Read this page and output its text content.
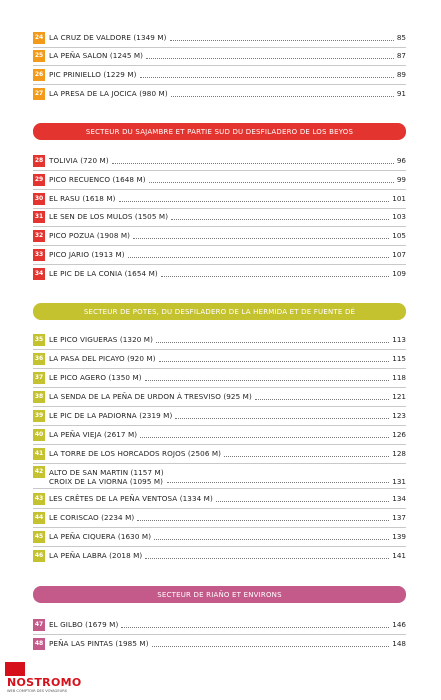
24 LA CRUZ DE VALDORE (1349 M)	85
25 LA PEÑA SALON (1245 M)	87
26 PIC PRINIELLO (1229 M)	89
27 LA PRESA DE LA JOCICA (980 M)	91
SECTEUR DU SAJAMBRE ET PARTIE SUD DU DESFILADERO DE LOS BEYOS
28 TOLIVIA (720 M)	96
29 PICO RECUENCO (1648 M)	99
30 EL RASU (1618 M)	101
31 LE SEN DE LOS MULOS (1505 M)	103
32 PICO POZUA (1908 M)	105
33 PICO JARIO (1913 M)	107
34 LE PIC DE LA CONIA (1654 M)	109
SECTEUR DE POTES, DU DESFILADERO DE LA HERMIDA ET DE FUENTE DÉ
35 LE PICO VIGUERAS (1320 M)	113
36 LA PASA DEL PICAYO (920 M)	115
37 LE PICO AGERO (1350 M)	118
38 LA SENDA DE LA PEÑA DE URDON À TRESVISO (925 M)	121
39 LE PIC DE LA PADIORNA (2319 M)	123
40 LA PEÑA VIEJA (2617 M)	126
41 LA TORRE DE LOS HORCADOS ROJOS (2506 M)	128
42 ALTO DE SAN MARTIN (1157 M)
CROIX DE LA VIORNA (1095 M)	131
43 LES CRÊTES DE LA PEÑA VENTOSA (1334 M)	134
44 LE CORISCAO (2234 M)	137
45 LA PEÑA CIQUERA (1630 M)	139
46 LA PEÑA LABRA (2018 M)	141
SECTEUR DE RIAÑO ET ENVIRONS
47 EL GILBO (1679 M)	146
48 PEÑA LAS PINTAS (1985 M)	148
NOSTROMO
WEB COMPTOIR DES VOYAGEURS
